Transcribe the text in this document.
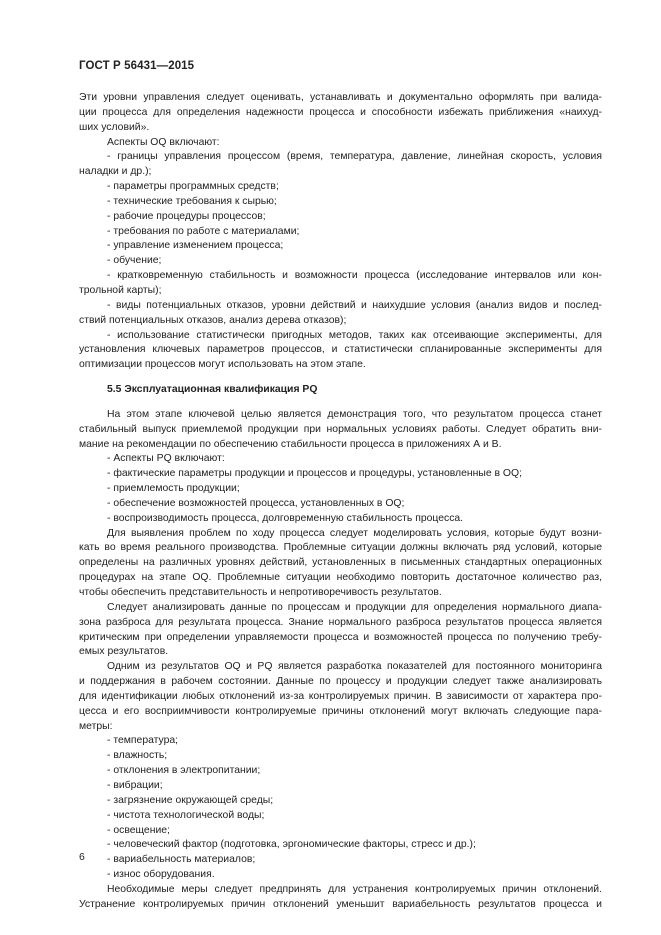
ГОСТ Р 56431—2015
Эти уровни управления следует оценивать, устанавливать и документально оформлять при валида-
ции процесса для определения надежности процесса и способности избежать приближения «наихуд-
ших условий».
Аспекты OQ включают:
- границы управления процессом (время, температура, давление, линейная скорость, условия
наладки и др.);
- параметры программных средств;
- технические требования к сырью;
- рабочие процедуры процессов;
- требования по работе с материалами;
- управление изменением процесса;
- обучение;
- кратковременную стабильность и возможности процесса (исследование интервалов или кон-
трольной карты);
- виды потенциальных отказов, уровни действий и наихудшие условия (анализ видов и послед-
ствий потенциальных отказов, анализ дерева отказов);
- использование статистически пригодных методов, таких как отсеивающие эксперименты, для
установления ключевых параметров процессов, и статистически спланированные эксперименты для
оптимизации процессов могут использовать на этом этапе.
5.5 Эксплуатационная квалификация PQ
На этом этапе ключевой целью является демонстрация того, что результатом процесса станет
стабильный выпуск приемлемой продукции при нормальных условиях работы. Следует обратить вни-
мание на рекомендации по обеспечению стабильности процесса в приложениях А и В.
- Аспекты PQ включают:
- фактические параметры продукции и процессов и процедуры, установленные в OQ;
- приемлемость продукции;
- обеспечение возможностей процесса, установленных в OQ;
- воспроизводимость процесса, долговременную стабильность процесса.
Для выявления проблем по ходу процесса следует моделировать условия, которые будут возни-
кать во время реального производства. Проблемные ситуации должны включать ряд условий, которые
определены на различных уровнях действий, установленных в письменных стандартных операционных
процедурах на этапе OQ. Проблемные ситуации необходимо повторить достаточное количество раз,
чтобы обеспечить представительность и непротиворечивость результатов.
Следует анализировать данные по процессам и продукции для определения нормального диапа-
зона разброса для результата процесса. Знание нормального разброса результатов процесса является
критическим при определении управляемости процесса и возможностей процесса по получению требу-
емых результатов.
Одним из результатов OQ и PQ является разработка показателей для постоянного мониторинга
и поддержания в рабочем состоянии. Данные по процессу и продукции следует также анализировать
для идентификации любых отклонений из-за контролируемых причин. В зависимости от характера про-
цесса и его восприимчивости контролируемые причины отклонений могут включать следующие пара-
метры:
- температура;
- влажность;
- отклонения в электропитании;
- вибрации;
- загрязнение окружающей среды;
- чистота технологической воды;
- освещение;
- человеческий фактор (подготовка, эргономические факторы, стресс и др.);
- вариабельность материалов;
- износ оборудования.
Необходимые меры следует предпринять для устранения контролируемых причин отклонений.
Устранение контролируемых причин отклонений уменьшит вариабельность результатов процесса и
6
